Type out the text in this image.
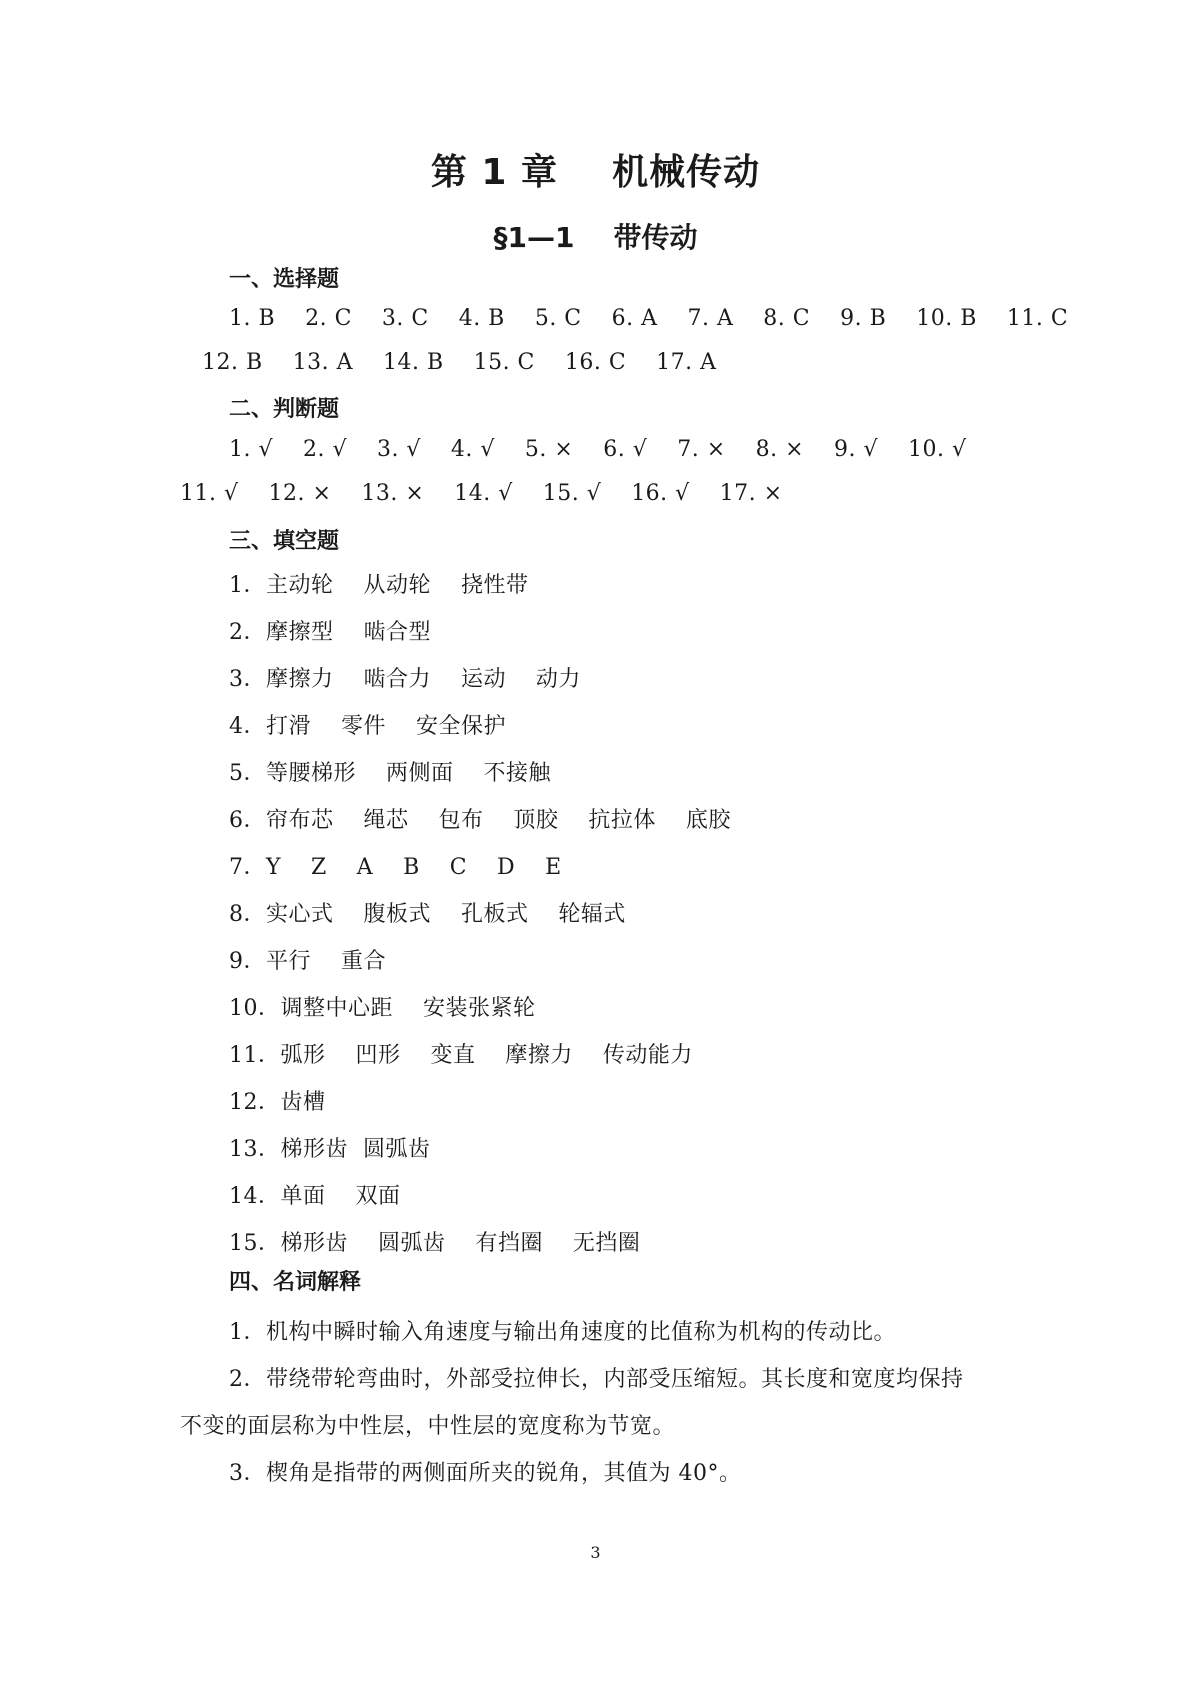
第 1 章    机械传动
§1—1    带传动
一、选择题
1. B    2. C    3. C    4. B    5. C    6. A    7. A    8. C    9. B    10. B    11. C
12. B    13. A    14. B    15. C    16. C    17. A
二、判断题
1. √    2. √    3. √    4. √    5. ×    6. √    7. ×    8. ×    9. √    10. √
11. √    12. ×    13. ×    14. √    15. √    16. √    17. ×
三、填空题
1．主动轮    从动轮    挠性带
2．摩擦型    啮合型
3．摩擦力    啮合力    运动    动力
4．打滑    零件    安全保护
5．等腰梯形    两侧面    不接触
6．帘布芯    绳芯    包布    顶胶    抗拉体    底胶
7．Y    Z    A    B    C    D    E
8．实心式    腹板式    孔板式    轮辐式
9．平行    重合
10．调整中心距    安装张紧轮
11．弧形    凹形    变直    摩擦力    传动能力
12．齿槽
13．梯形齿  圆弧齿
14．单面    双面
15．梯形齿    圆弧齿    有挡圈    无挡圈
四、名词解释
1．机构中瞬时输入角速度与输出角速度的比值称为机构的传动比。
2．带绕带轮弯曲时，外部受拉伸长，内部受压缩短。其长度和宽度均保持
不变的面层称为中性层，中性层的宽度称为节宽。
3．楔角是指带的两侧面所夹的锐角，其值为 40°。
3
